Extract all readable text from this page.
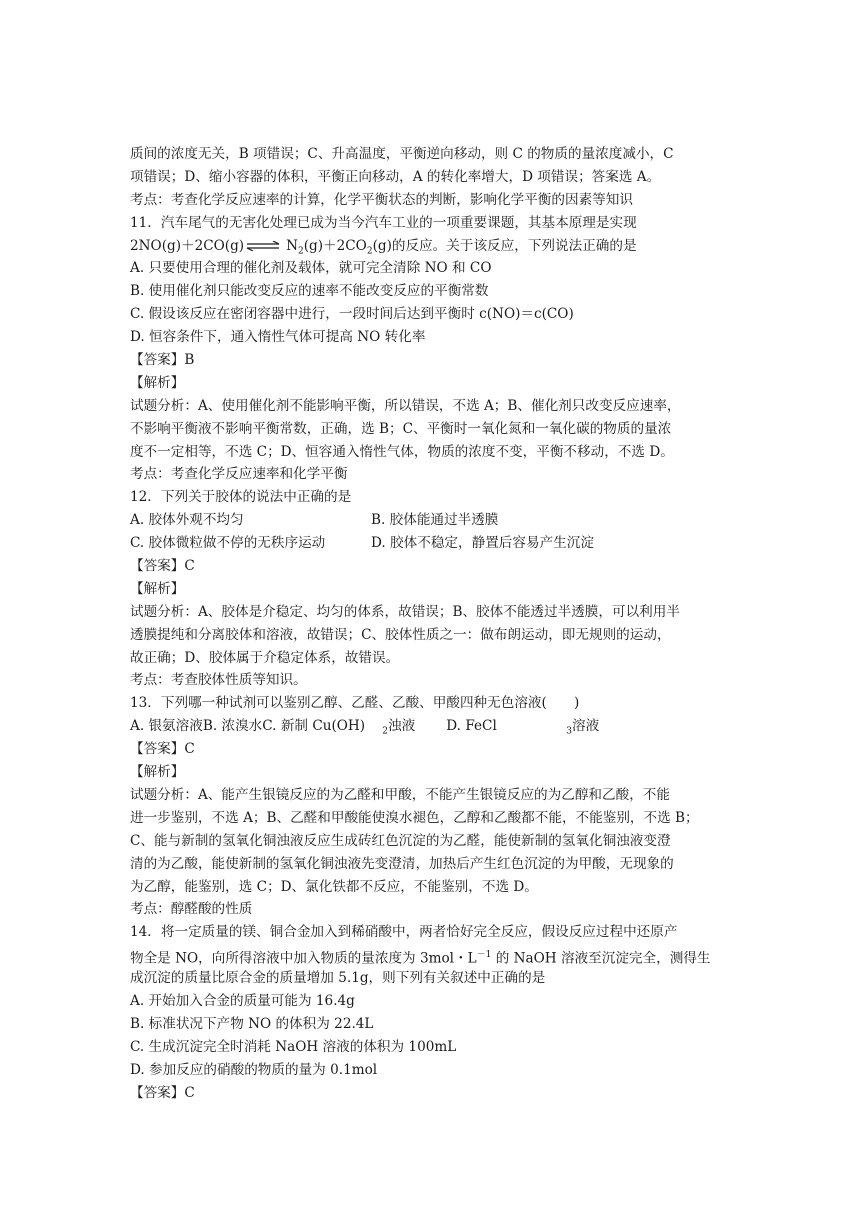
质间的浓度无关，B 项错误；C、升高温度，平衡逆向移动，则 C 的物质的量浓度减小，C
项错误；D、缩小容器的体积，平衡正向移动，A 的转化率增大，D 项错误；答案选 A。
考点：考查化学反应速率的计算，化学平衡状态的判断，影响化学平衡的因素等知识
11．汽车尾气的无害化处理已成为当今汽车工业的一项重要课题，其基本原理是实现
2NO(g)＋2CO(g) ⇌ $N_2(g)+2CO_2(g)$的反应。关于该反应，下列说法正确的是
A. 只要使用合理的催化剂及载体，就可完全清除 NO 和 CO
B. 使用催化剂只能改变反应的速率不能改变反应的平衡常数
C. 假设该反应在密闭容器中进行，一段时间后达到平衡时 c(NO)＝c(CO)
D. 恒容条件下，通入惰性气体可提高 NO 转化率
【答案】B
【解析】
试题分析：A、使用催化剂不能影响平衡，所以错误，不选 A；B、催化剂只改变反应速率，
不影响平衡液不影响平衡常数，正确，选 B；C、平衡时一氧化氮和一氧化碳的物质的量浓
度不一定相等，不选 C；D、恒容通入惰性气体，物质的浓度不变，平衡不移动，不选 D。
考点：考查化学反应速率和化学平衡
12．下列关于胶体的说法中正确的是
A. 胶体外观不均匀	B. 胶体能通过半透膜
C. 胶体微粒做不停的无秩序运动	D. 胶体不稳定，静置后容易产生沉淀
【答案】C
【解析】
试题分析：A、胶体是介稳定、均匀的体系，故错误；B、胶体不能透过半透膜，可以利用半
透膜提纯和分离胶体和溶液，故错误；C、胶体性质之一：做布朗运动，即无规则的运动，
故正确；D、胶体属于介稳定体系，故错误。
考点：考查胶体性质等知识。
13．下列哪一种试剂可以鉴别乙醇、乙醛、乙酸、甲酸四种无色溶液(　　)
A. 银氨溶液 B. 浓溴水 C. 新制 Cu(OH) $_2$浊液	D. FeCl	$_3$溶液
【答案】C
【解析】
试题分析：A、能产生银镜反应的为乙醛和甲酸，不能产生银镜反应的为乙醇和乙酸，不能
进一步鉴别，不选 A；B、乙醛和甲酸能使溴水褪色，乙醇和乙酸都不能，不能鉴别，不选 B；
C、能与新制的氢氧化铜浊液反应生成砖红色沉淀的为乙醛，能使新制的氢氧化铜浊液变澄
清的为乙酸，能使新制的氢氧化铜浊液先变澄清，加热后产生红色沉淀的为甲酸，无现象的
为乙醇，能鉴别，选 C；D、氯化铁都不反应，不能鉴别，不选 D。
考点：醇醛酸的性质
14．将一定质量的镁、铜合金加入到稀硝酸中，两者恰好完全反应，假设反应过程中还原产
物全是 NO，向所得溶液中加入物质的量浓度为 3mol・$L^{-1}$ 的 NaOH 溶液至沉淀完全，测得生
成沉淀的质量比原合金的质量增加 5.1g，则下列有关叙述中正确的是
A. 开始加入合金的质量可能为 16.4g
B. 标准状况下产物 NO 的体积为 22.4L
C. 生成沉淀完全时消耗 NaOH 溶液的体积为 100mL
D. 参加反应的硝酸的物质的量为 0.1mol
【答案】C
